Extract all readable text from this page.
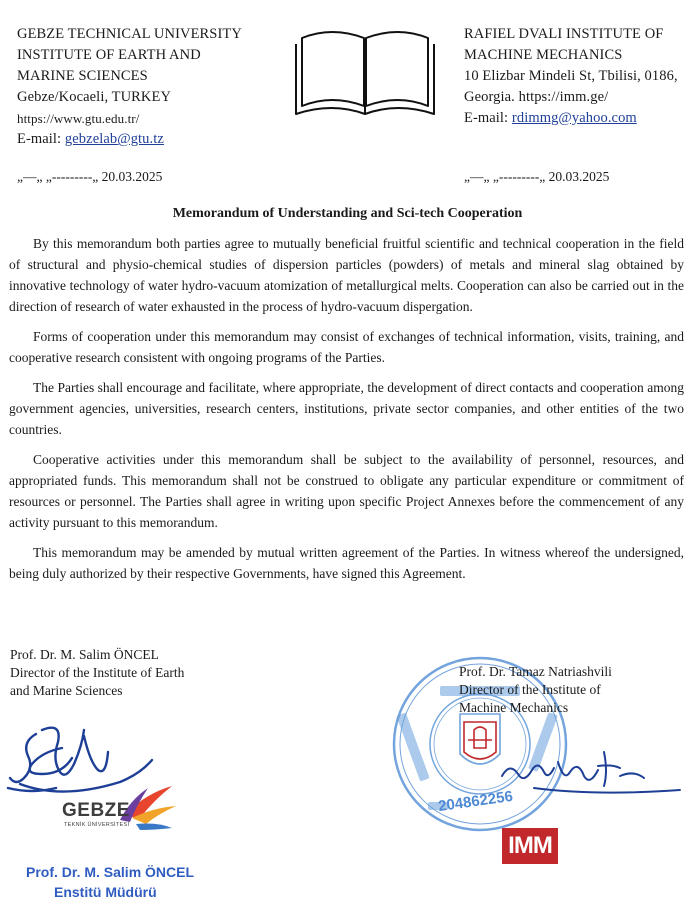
GEBZE TECHNICAL UNIVERSITY
INSTITUTE OF EARTH AND
MARINE SCIENCES
Gebze/Kocaeli, TURKEY
https://www.gtu.edu.tr/
E-mail: gebzelab@gtu.tz
„—„ „---------„ 20.03.2025
RAFIEL DVALI INSTITUTE OF
MACHINE MECHANICS
10 Elizbar Mindeli St, Tbilisi, 0186,
Georgia. https://imm.ge/
E-mail: rdimmg@yahoo.com
„—„ „---------„ 20.03.2025
Memorandum of Understanding and Sci-tech Cooperation

By this memorandum both parties agree to mutually beneficial fruitful scientific and technical cooperation in the field of structural and physio-chemical studies of dispersion particles (powders) of metals and mineral slag obtained by innovative technology of water hydro-vacuum atomization of metallurgical melts. Cooperation can also be carried out in the direction of research of water exhausted in the process of hydro-vacuum dispergation.

Forms of cooperation under this memorandum may consist of exchanges of technical information, visits, training, and cooperative research consistent with ongoing programs of the Parties.

The Parties shall encourage and facilitate, where appropriate, the development of direct contacts and cooperation among government agencies, universities, research centers, institutions, private sector companies, and other entities of the two countries.

Cooperative activities under this memorandum shall be subject to the availability of personnel, resources, and appropriated funds. This memorandum shall not be construed to obligate any particular expenditure or commitment of resources or personnel. The Parties shall agree in writing upon specific Project Annexes before the commencement of any activity pursuant to this memorandum.

This memorandum may be amended by mutual written agreement of the Parties. In witness whereof the undersigned, being duly authorized by their respective Governments, have signed this Agreement.

Prof. Dr. M. Salim ÖNCEL
Director of the Institute of Earth
and Marine Sciences
GEBZE
TEKNİK ÜNİVERSİTESİ
Prof. Dr. M. Salim ÖNCEL
Enstitü Müdürü
204862256
Prof. Dr. Tamaz Natriashvili
Director of the Institute of
Machine Mechanics
IMM
